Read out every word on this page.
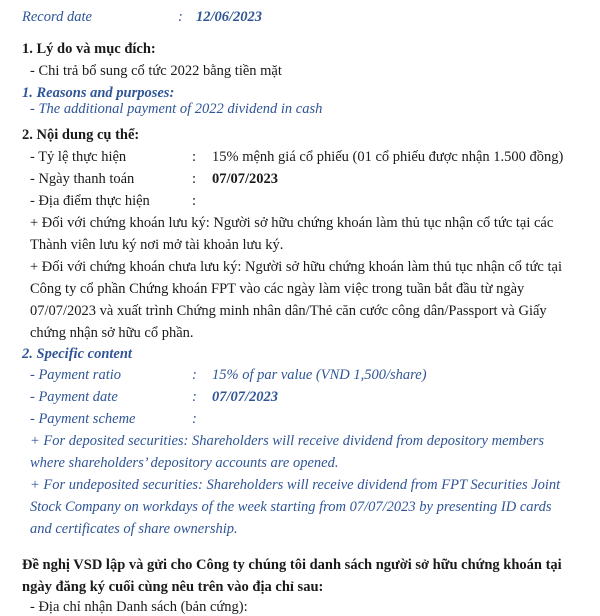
Record date	: 12/06/2023
1. Lý do và mục đích:
- Chi trả bổ sung cổ tức 2022 bằng tiền mặt
1. Reasons and purposes:
- The additional payment of 2022 dividend in cash
2. Nội dung cụ thể:
- Tỷ lệ thực hiện	: 15% mệnh giá cổ phiếu (01 cổ phiếu được nhận 1.500 đồng)
- Ngày thanh toán	: 07/07/2023
- Địa điểm thực hiện	:
+ Đối với chứng khoán lưu ký: Người sở hữu chứng khoán làm thủ tục nhận cổ tức tại các
Thành viên lưu ký nơi mở tài khoản lưu ký.
+ Đối với chứng khoán chưa lưu ký: Người sở hữu chứng khoán làm thủ tục nhận cổ tức tại
Công ty cổ phần Chứng khoán FPT vào các ngày làm việc trong tuần bắt đầu từ ngày
07/07/2023 và xuất trình Chứng minh nhân dân/Thẻ căn cước công dân/Passport và Giấy
chứng nhận sở hữu cổ phần.
2. Specific content
- Payment ratio	: 15% of par value (VND 1,500/share)
- Payment date	: 07/07/2023
- Payment scheme	:
+ For deposited securities: Shareholders will receive dividend from depository members
where shareholders’ depository accounts are opened.
+ For undeposited securities: Shareholders will receive dividend from FPT Securities Joint
Stock Company on workdays of the week starting from 07/07/2023 by presenting ID cards
and certificates of share ownership.
Đề nghị VSD lập và gửi cho Công ty chúng tôi danh sách người sở hữu chứng khoán tại
ngày đăng ký cuối cùng nêu trên vào địa chỉ sau:
- Địa chỉ nhận Danh sách (bản cứng):
